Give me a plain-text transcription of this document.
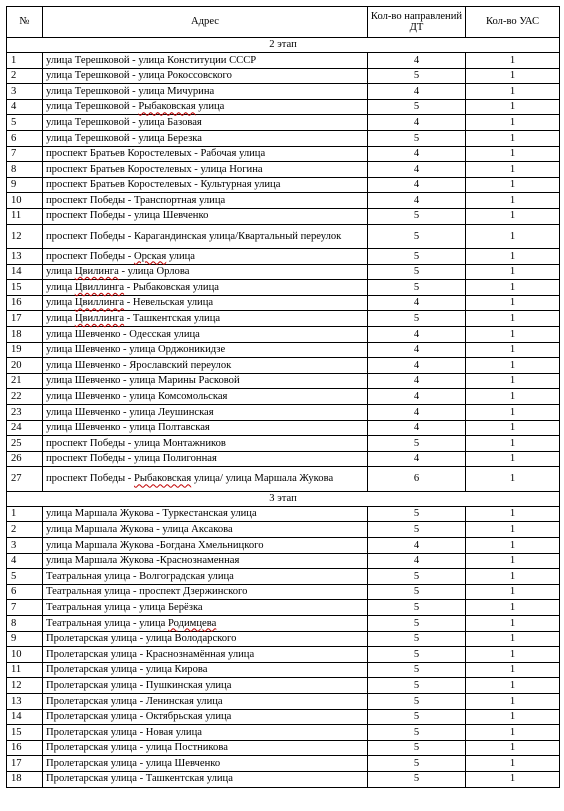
№	Адрес	Кол-во направлений ДТ	Кол-во УАС
2 этап			
1	улица Терешковой - улица Конституции СССР	4	1
2	улица Терешковой - улица Рокоссовского	5	1
3	улица Терешковой - улица Мичурина	4	1
4	улица Терешковой - Рыбаковская улица	5	1
5	улица Терешковой - улица Базовая	4	1
6	улица Терешковой - улица Березка	5	1
7	проспект Братьев Коростелевых - Рабочая улица	4	1
8	проспект Братьев Коростелевых - улица Ногина	4	1
9	проспект Братьев Коростелевых - Культурная улица	4	1
10	проспект Победы - Транспортная улица	4	1
11	проспект Победы - улица Шевченко	5	1
12	проспект Победы - Карагандинская улица/Квартальный переулок	5	1
13	проспект Победы - Орская улица	5	1
14	улица Цвилинга - улица Орлова	5	1
15	улица Цвиллинга - Рыбаковская улица	5	1
16	улица Цвиллинга - Невельская улица	4	1
17	улица Цвиллинга - Ташкентская улица	5	1
18	улица Шевченко - Одесская улица	4	1
19	улица Шевченко - улица Орджоникидзе	4	1
20	улица Шевченко - Ярославский переулок	4	1
21	улица Шевченко - улица Марины Расковой	4	1
22	улица Шевченко - улица Комсомольская	4	1
23	улица Шевченко - улица Леушинская	4	1
24	улица Шевченко - улица Полтавская	4	1
25	проспект Победы - улица Монтажников	5	1
26	проспект Победы - улица Полигонная	4	1
27	проспект Победы - Рыбаковская улица/ улица Маршала Жукова	6	1
3 этап			
1	улица Маршала Жукова - Туркестанская улица	5	1
2	улица Маршала Жукова - улица Аксакова	5	1
3	улица Маршала Жукова -Богдана Хмельницкого	4	1
4	улица Маршала Жукова -Краснознаменная	4	1
5	Театральная улица - Волгоградская улица	5	1
6	Театральная улица - проспект Дзержинского	5	1
7	Театральная улица - улица Берёзка	5	1
8	Театральная улица - улица Родимцева	5	1
9	Пролетарская улица - улица Володарского	5	1
10	Пролетарская улица - Краснознамённая улица	5	1
11	Пролетарская улица - улица Кирова	5	1
12	Пролетарская улица - Пушкинская улица	5	1
13	Пролетарская улица - Ленинская улица	5	1
14	Пролетарская улица - Октябрьская улица	5	1
15	Пролетарская улица - Новая улица	5	1
16	Пролетарская улица - улица Постникова	5	1
17	Пролетарская улица - улица Шевченко	5	1
18	Пролетарская улица - Ташкентская улица	5	1
